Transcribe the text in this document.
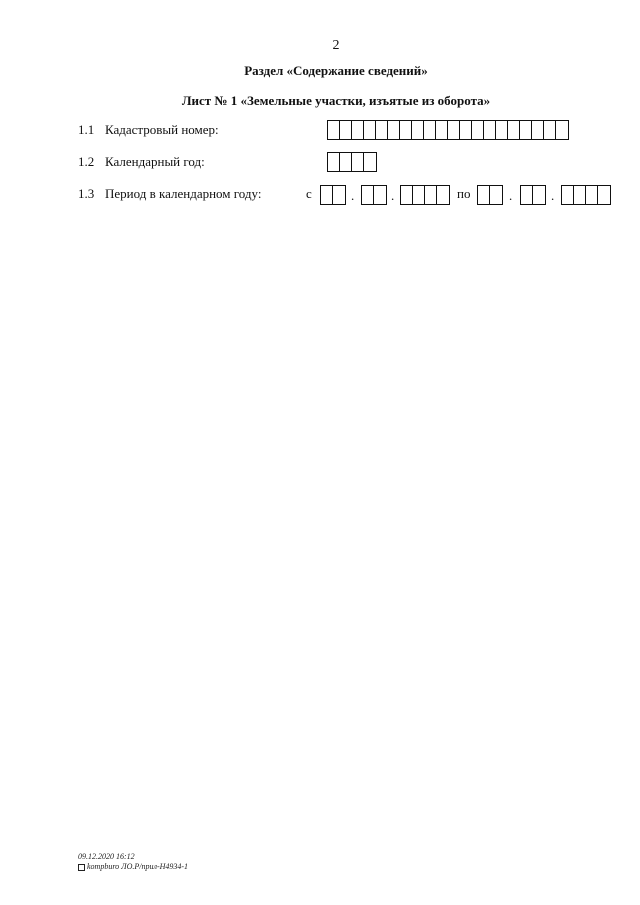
2
Раздел «Содержание сведений»
Лист № 1 «Земельные участки, изъятые из оборота»
1.1 Кадастровый номер:
1.2 Календарный год:
1.3 Период в календарном году:	с	.	.	по	.	.
09.12.2020 16:12
kompburo ЛО.Р/прил-Н4934-1
